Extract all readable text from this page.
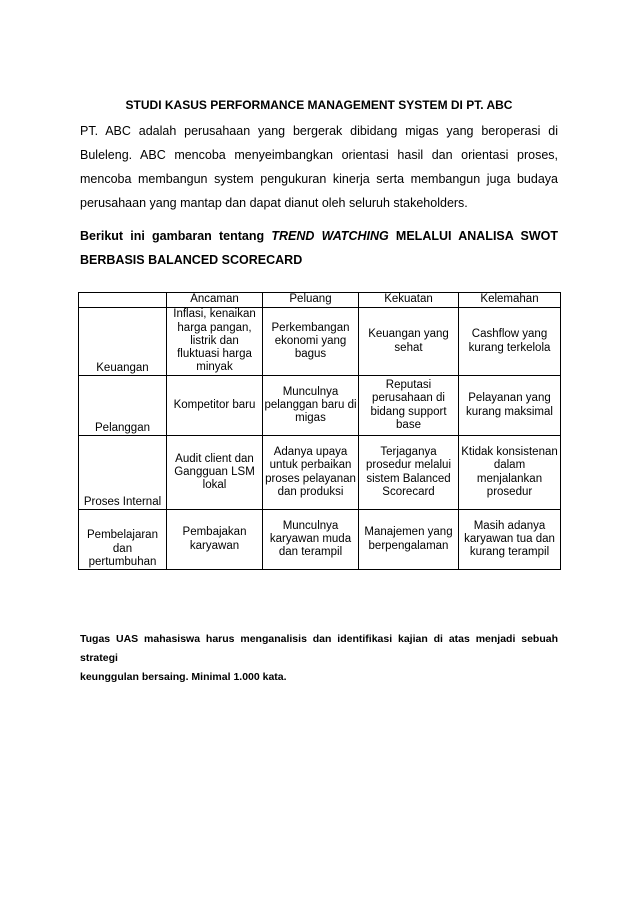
STUDI KASUS PERFORMANCE MANAGEMENT SYSTEM DI PT. ABC

PT. ABC adalah perusahaan yang bergerak dibidang migas yang beroperasi di

Buleleng. ABC mencoba menyeimbangkan orientasi hasil dan orientasi proses,

mencoba membangun system pengukuran kinerja serta membangun juga budaya

perusahaan yang mantap dan dapat dianut oleh seluruh stakeholders.

Berikut ini gambaran tentang TREND WATCHING MELALUI ANALISA SWOT
BERBASIS BALANCED SCORECARD
	Ancaman	Peluang	Kekuatan	Kelemahan
Keuangan	Inflasi, kenaikan harga pangan, listrik dan fluktuasi harga minyak	Perkembangan ekonomi yang bagus	Keuangan yang sehat	Cashflow yang kurang terkelola
Pelanggan	Kompetitor baru	Munculnya pelanggan baru di migas	Reputasi perusahaan di bidang support base	Pelayanan yang kurang maksimal
Proses Internal	Audit client dan Gangguan LSM lokal	Adanya upaya untuk perbaikan proses pelayanan dan produksi	Terjaganya prosedur melalui sistem Balanced Scorecard	Ktidak konsistenan dalam menjalankan prosedur
Pembelajaran dan pertumbuhan	Pembajakan karyawan	Munculnya karyawan muda dan terampil	Manajemen yang berpengalaman	Masih adanya karyawan tua dan kurang terampil
Tugas UAS mahasiswa harus menganalisis dan identifikasi kajian di atas menjadi sebuah strategi
keunggulan bersaing. Minimal 1.000 kata.
